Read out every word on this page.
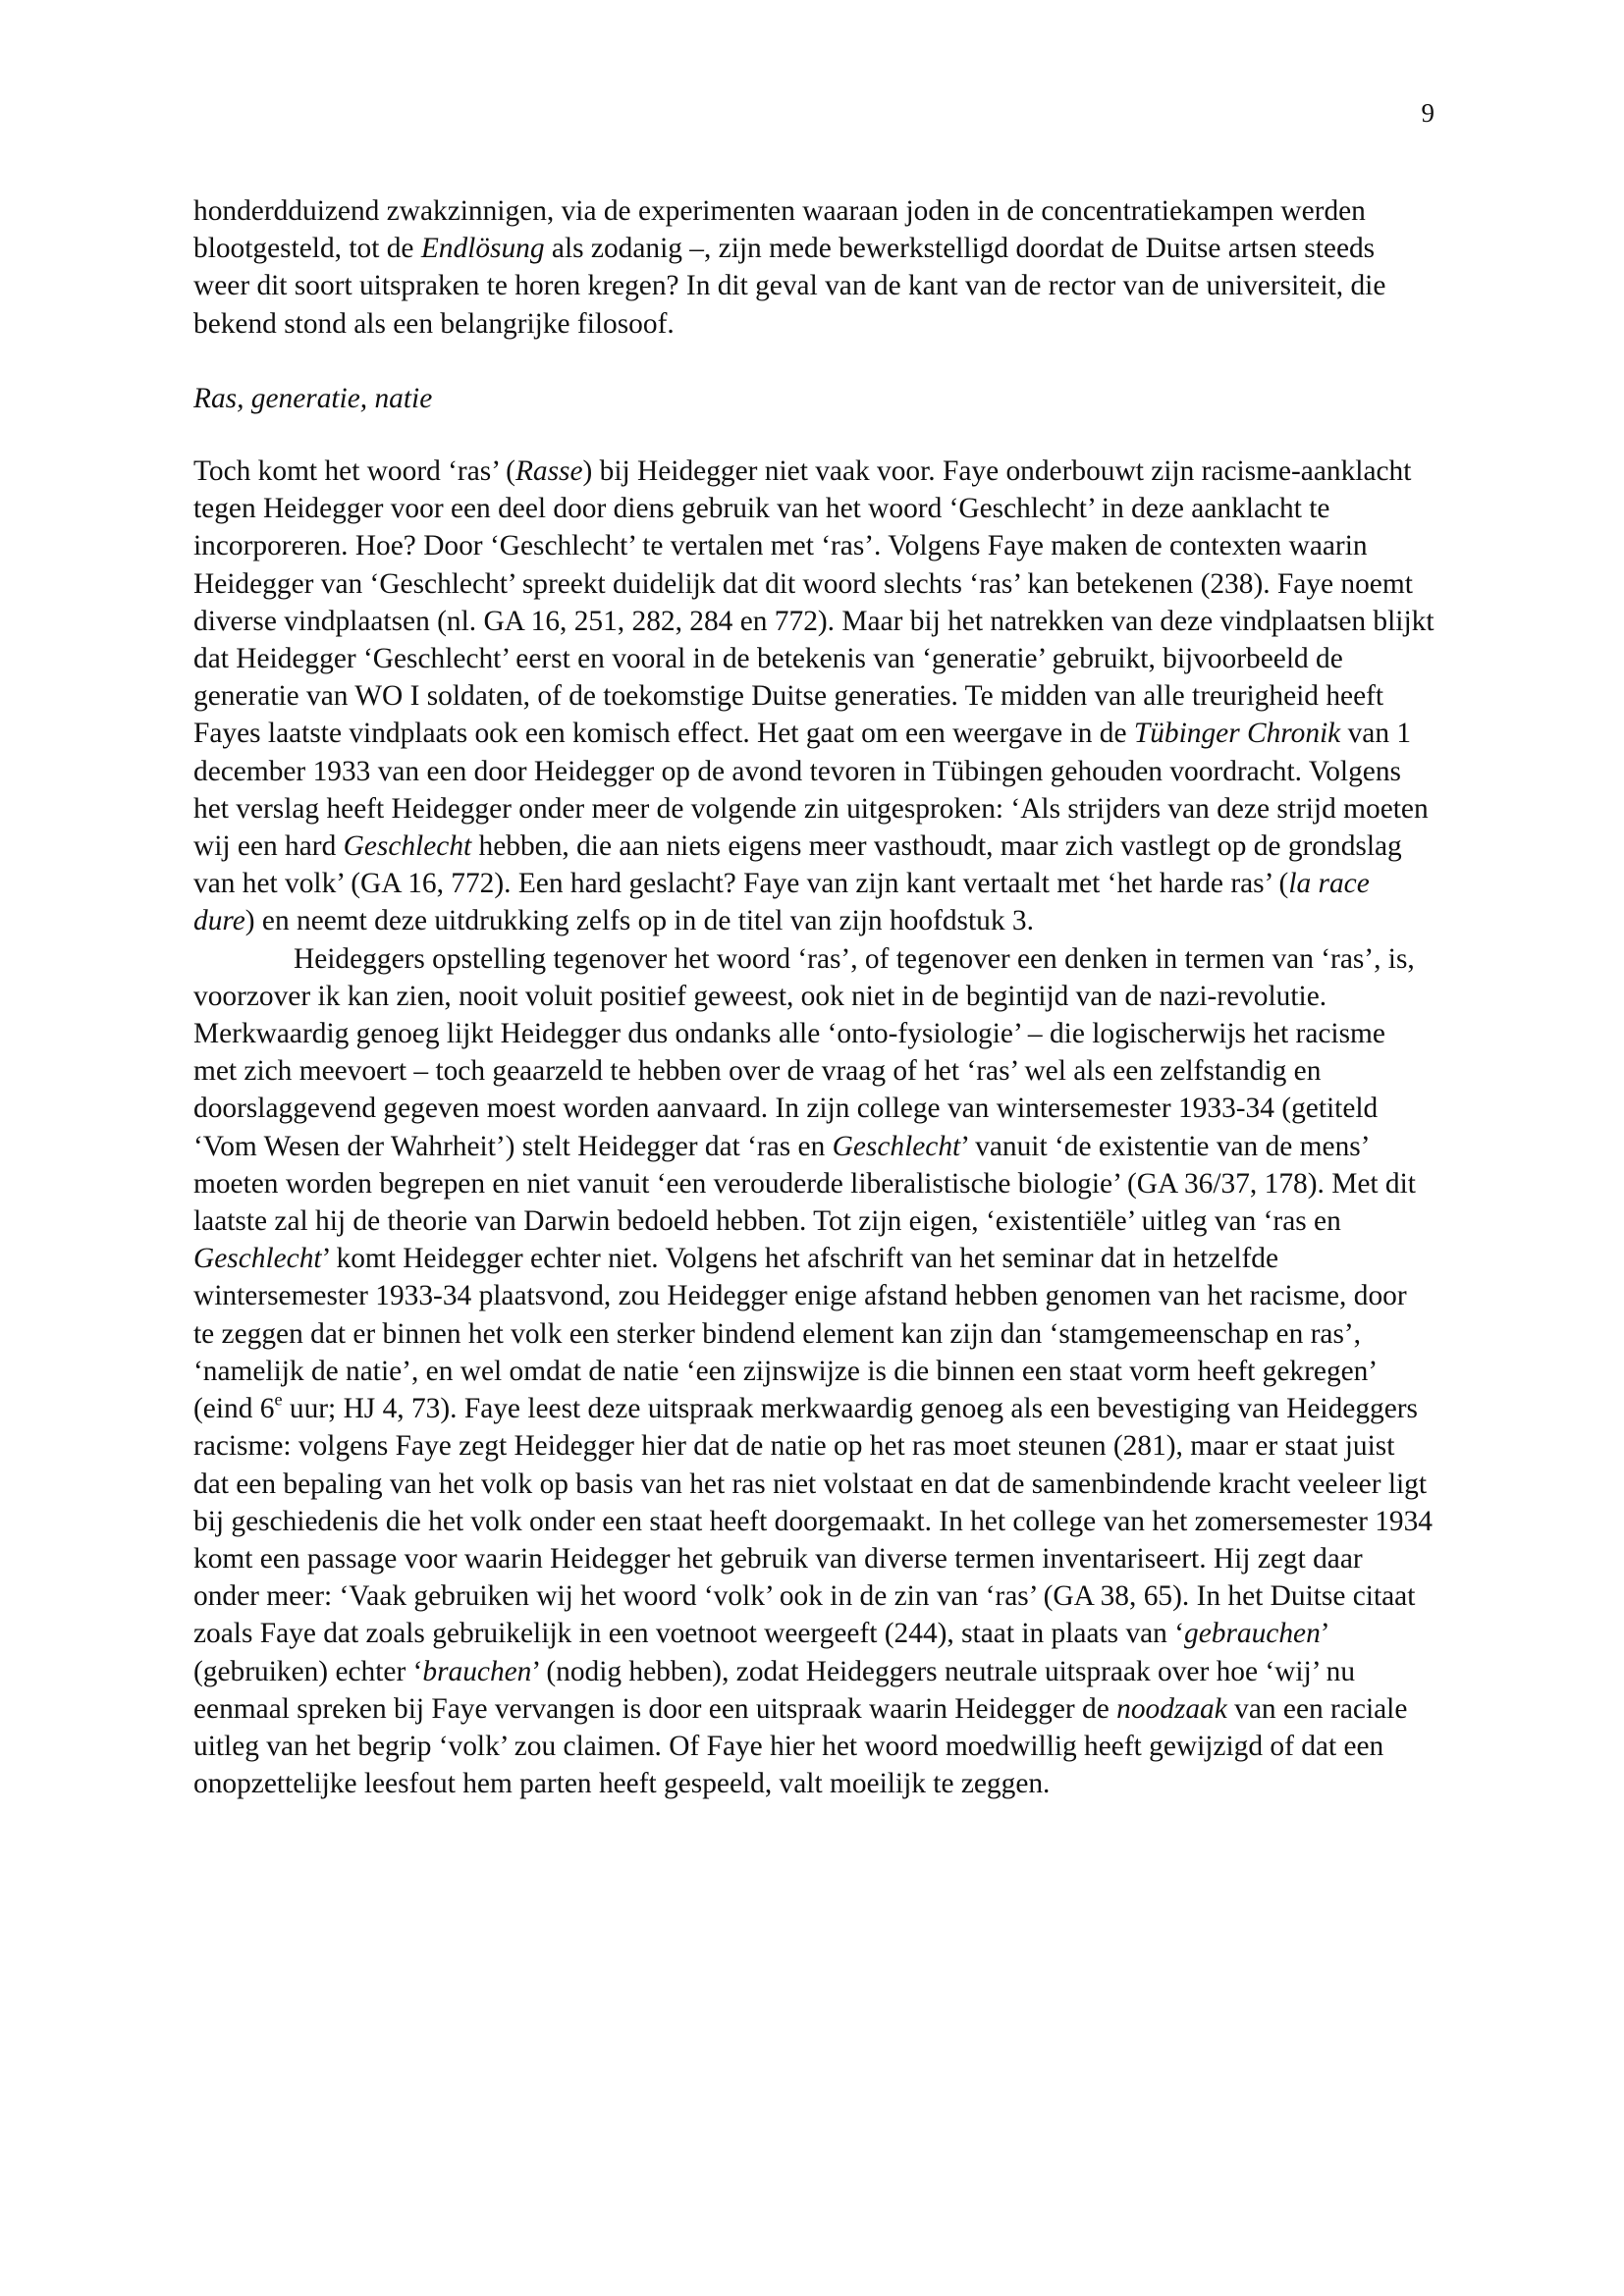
9

honderdduizend zwakzinnigen, via de experimenten waaraan joden in de concentratiekampen werden blootgesteld, tot de Endlösung als zodanig –, zijn mede bewerkstelligd doordat de Duitse artsen steeds weer dit soort uitspraken te horen kregen? In dit geval van de kant van de rector van de universiteit, die bekend stond als een belangrijke filosoof.

Ras, generatie, natie

Toch komt het woord ‘ras’ (Rasse) bij Heidegger niet vaak voor. Faye onderbouwt zijn racisme-aanklacht tegen Heidegger voor een deel door diens gebruik van het woord ‘Geschlecht’ in deze aanklacht te incorporeren. Hoe? Door ‘Geschlecht’ te vertalen met ‘ras’. Volgens Faye maken de contexten waarin Heidegger van ‘Geschlecht’ spreekt duidelijk dat dit woord slechts ‘ras’ kan betekenen (238). Faye noemt diverse vindplaatsen (nl. GA 16, 251, 282, 284 en 772). Maar bij het natrekken van deze vindplaatsen blijkt dat Heidegger ‘Geschlecht’ eerst en vooral in de betekenis van ‘generatie’ gebruikt, bijvoorbeeld de generatie van WO I soldaten, of de toekomstige Duitse generaties. Te midden van alle treurigheid heeft Fayes laatste vindplaats ook een komisch effect. Het gaat om een weergave in de Tübinger Chronik van 1 december 1933 van een door Heidegger op de avond tevoren in Tübingen gehouden voordracht. Volgens het verslag heeft Heidegger onder meer de volgende zin uitgesproken: ‘Als strijders van deze strijd moeten wij een hard Geschlecht hebben, die aan niets eigens meer vasthoudt, maar zich vastlegt op de grondslag van het volk’ (GA 16, 772). Een hard geslacht? Faye van zijn kant vertaalt met ‘het harde ras’ (la race dure) en neemt deze uitdrukking zelfs op in de titel van zijn hoofdstuk 3.

Heideggers opstelling tegenover het woord ‘ras’, of tegenover een denken in termen van ‘ras’, is, voorzover ik kan zien, nooit voluit positief geweest, ook niet in de begintijd van de nazi-revolutie. Merkwaardig genoeg lijkt Heidegger dus ondanks alle ‘onto-fysiologie’ – die logischerwijs het racisme met zich meevoert – toch geaarzeld te hebben over de vraag of het ‘ras’ wel als een zelfstandig en doorslaggevend gegeven moest worden aanvaard. In zijn college van wintersemester 1933-34 (getiteld ‘Vom Wesen der Wahrheit’) stelt Heidegger dat ‘ras en Geschlecht’ vanuit ‘de existentie van de mens’ moeten worden begrepen en niet vanuit ‘een verouderde liberalistische biologie’ (GA 36/37, 178). Met dit laatste zal hij de theorie van Darwin bedoeld hebben. Tot zijn eigen, ‘existentiële’ uitleg van ‘ras en Geschlecht’ komt Heidegger echter niet. Volgens het afschrift van het seminar dat in hetzelfde wintersemester 1933-34 plaatsvond, zou Heidegger enige afstand hebben genomen van het racisme, door te zeggen dat er binnen het volk een sterker bindend element kan zijn dan ‘stamgemeenschap en ras’, ‘namelijk de natie’, en wel omdat de natie ‘een zijnswijze is die binnen een staat vorm heeft gekregen’ (eind 6e uur; HJ 4, 73). Faye leest deze uitspraak merkwaardig genoeg als een bevestiging van Heideggers racisme: volgens Faye zegt Heidegger hier dat de natie op het ras moet steunen (281), maar er staat juist dat een bepaling van het volk op basis van het ras niet volstaat en dat de samenbindende kracht veeleer ligt bij geschiedenis die het volk onder een staat heeft doorgemaakt. In het college van het zomersemester 1934 komt een passage voor waarin Heidegger het gebruik van diverse termen inventariseert. Hij zegt daar onder meer: ‘Vaak gebruiken wij het woord ‘volk’ ook in de zin van ‘ras’ (GA 38, 65). In het Duitse citaat zoals Faye dat zoals gebruikelijk in een voetnoot weergeeft (244), staat in plaats van ‘gebrauchen’ (gebruiken) echter ‘brauchen’ (nodig hebben), zodat Heideggers neutrale uitspraak over hoe ‘wij’ nu eenmaal spreken bij Faye vervangen is door een uitspraak waarin Heidegger de noodzaak van een raciale uitleg van het begrip ‘volk’ zou claimen. Of Faye hier het woord moedwillig heeft gewijzigd of dat een onopzettelijke leesfout hem parten heeft gespeeld, valt moeilijk te zeggen.
